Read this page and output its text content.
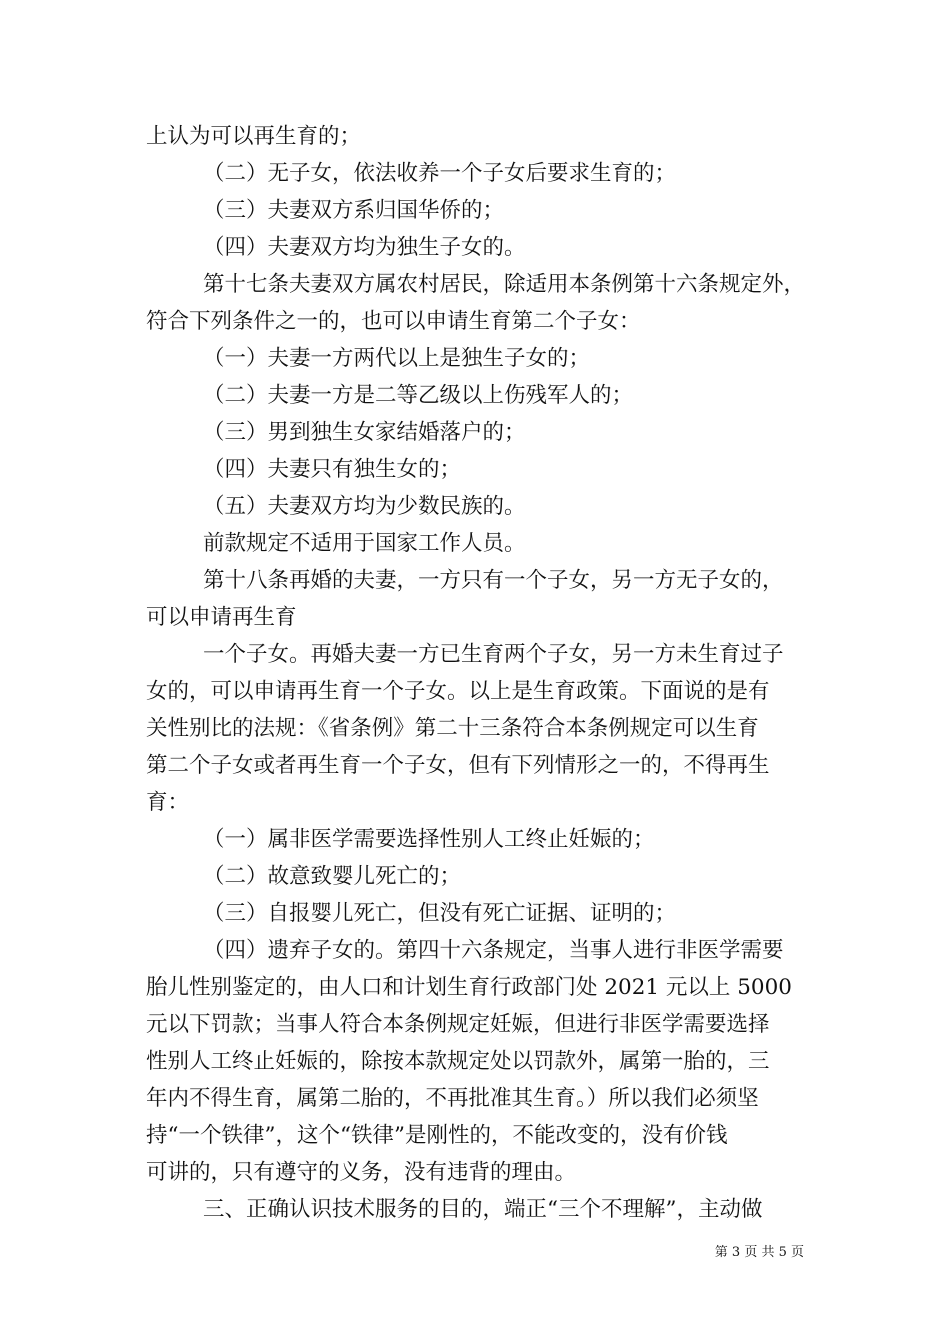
上认为可以再生育的；
（二）无子女，依法收养一个子女后要求生育的；
（三）夫妻双方系归国华侨的；
（四）夫妻双方均为独生子女的。
第十七条夫妻双方属农村居民，除适用本条例第十六条规定外，
符合下列条件之一的，也可以申请生育第二个子女：
（一）夫妻一方两代以上是独生子女的；
（二）夫妻一方是二等乙级以上伤残军人的；
（三）男到独生女家结婚落户的；
（四）夫妻只有独生女的；
（五）夫妻双方均为少数民族的。
前款规定不适用于国家工作人员。
第十八条再婚的夫妻，一方只有一个子女，另一方无子女的，
可以申请再生育
一个子女。再婚夫妻一方已生育两个子女，另一方未生育过子
女的，可以申请再生育一个子女。以上是生育政策。下面说的是有
关性别比的法规：《省条例》第二十三条符合本条例规定可以生育
第二个子女或者再生育一个子女，但有下列情形之一的，不得再生
育：
（一）属非医学需要选择性别人工终止妊娠的；
（二）故意致婴儿死亡的；
（三）自报婴儿死亡，但没有死亡证据、证明的；
（四）遗弃子女的。第四十六条规定，当事人进行非医学需要
胎儿性别鉴定的，由人口和计划生育行政部门处 2021 元以上 5000
元以下罚款；当事人符合本条例规定妊娠，但进行非医学需要选择
性别人工终止妊娠的，除按本款规定处以罚款外，属第一胎的，三
年内不得生育，属第二胎的，不再批准其生育。）所以我们必须坚
持“一个铁律”，这个“铁律”是刚性的，不能改变的，没有价钱
可讲的，只有遵守的义务，没有违背的理由。
三、正确认识技术服务的目的，端正“三个不理解”，主动做
第 3 页 共 5 页
